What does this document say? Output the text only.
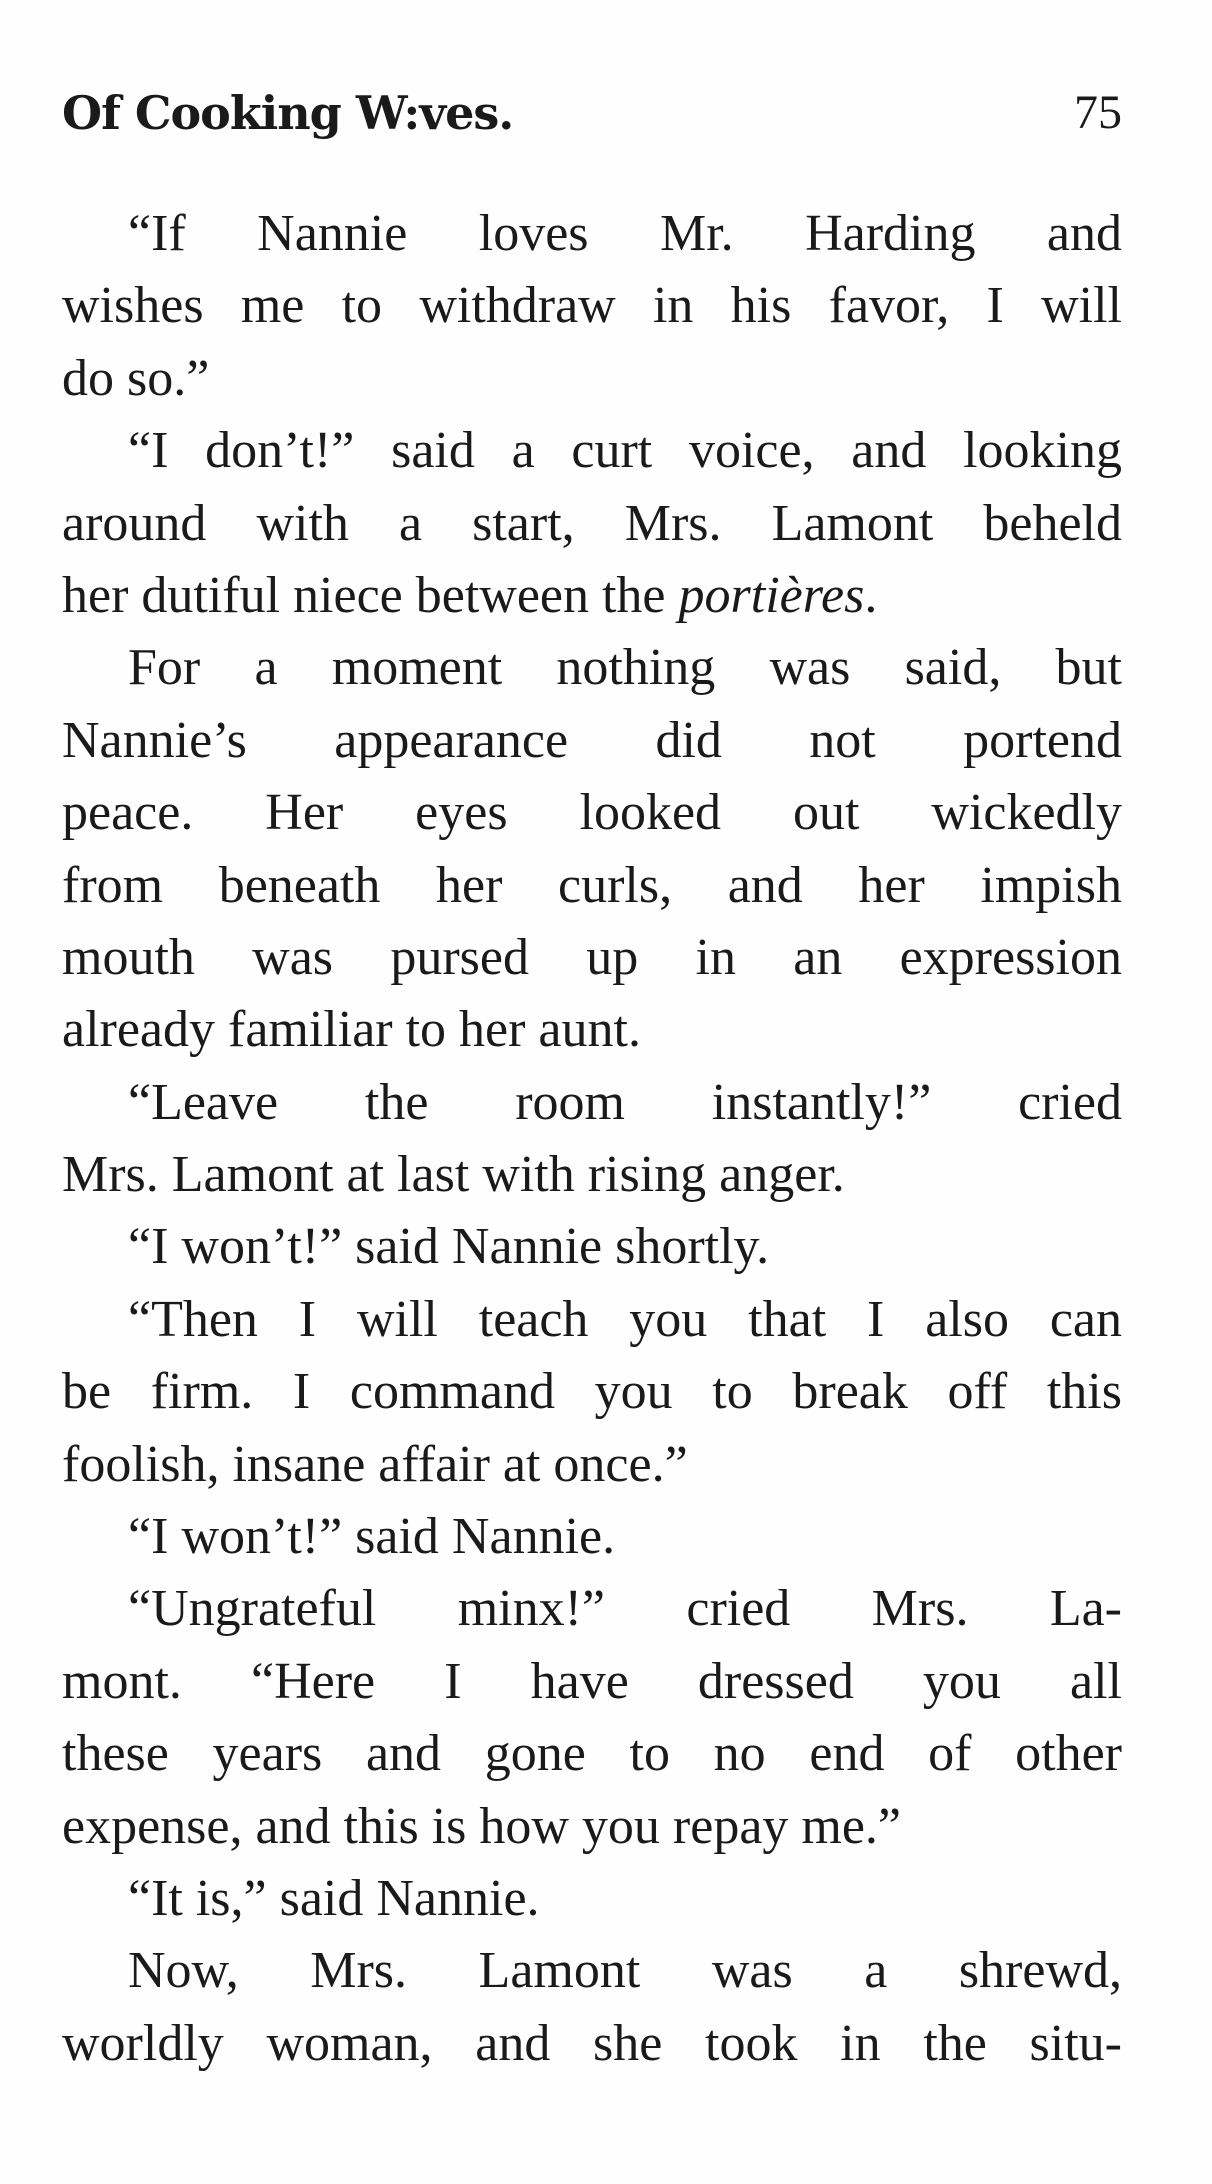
Of Cooking W:ves.	75
“If Nannie loves Mr. Harding and
wishes me to withdraw in his favor, I will
do so.”
“I don’t!” said a curt voice, and looking
around with a start, Mrs. Lamont beheld
her dutiful niece between the portières.
For a moment nothing was said, but
Nannie’s appearance did not portend
peace. Her eyes looked out wickedly
from beneath her curls, and her impish
mouth was pursed up in an expression
already familiar to her aunt.
“Leave the room instantly!” cried
Mrs. Lamont at last with rising anger.
“I won’t!” said Nannie shortly.
“Then I will teach you that I also can
be firm. I command you to break off this
foolish, insane affair at once.”
“I won’t!” said Nannie.
“Ungrateful minx!” cried Mrs. La-
mont. “Here I have dressed you all
these years and gone to no end of other
expense, and this is how you repay me.”
“It is,” said Nannie.
Now, Mrs. Lamont was a shrewd,
worldly woman, and she took in the situ-
